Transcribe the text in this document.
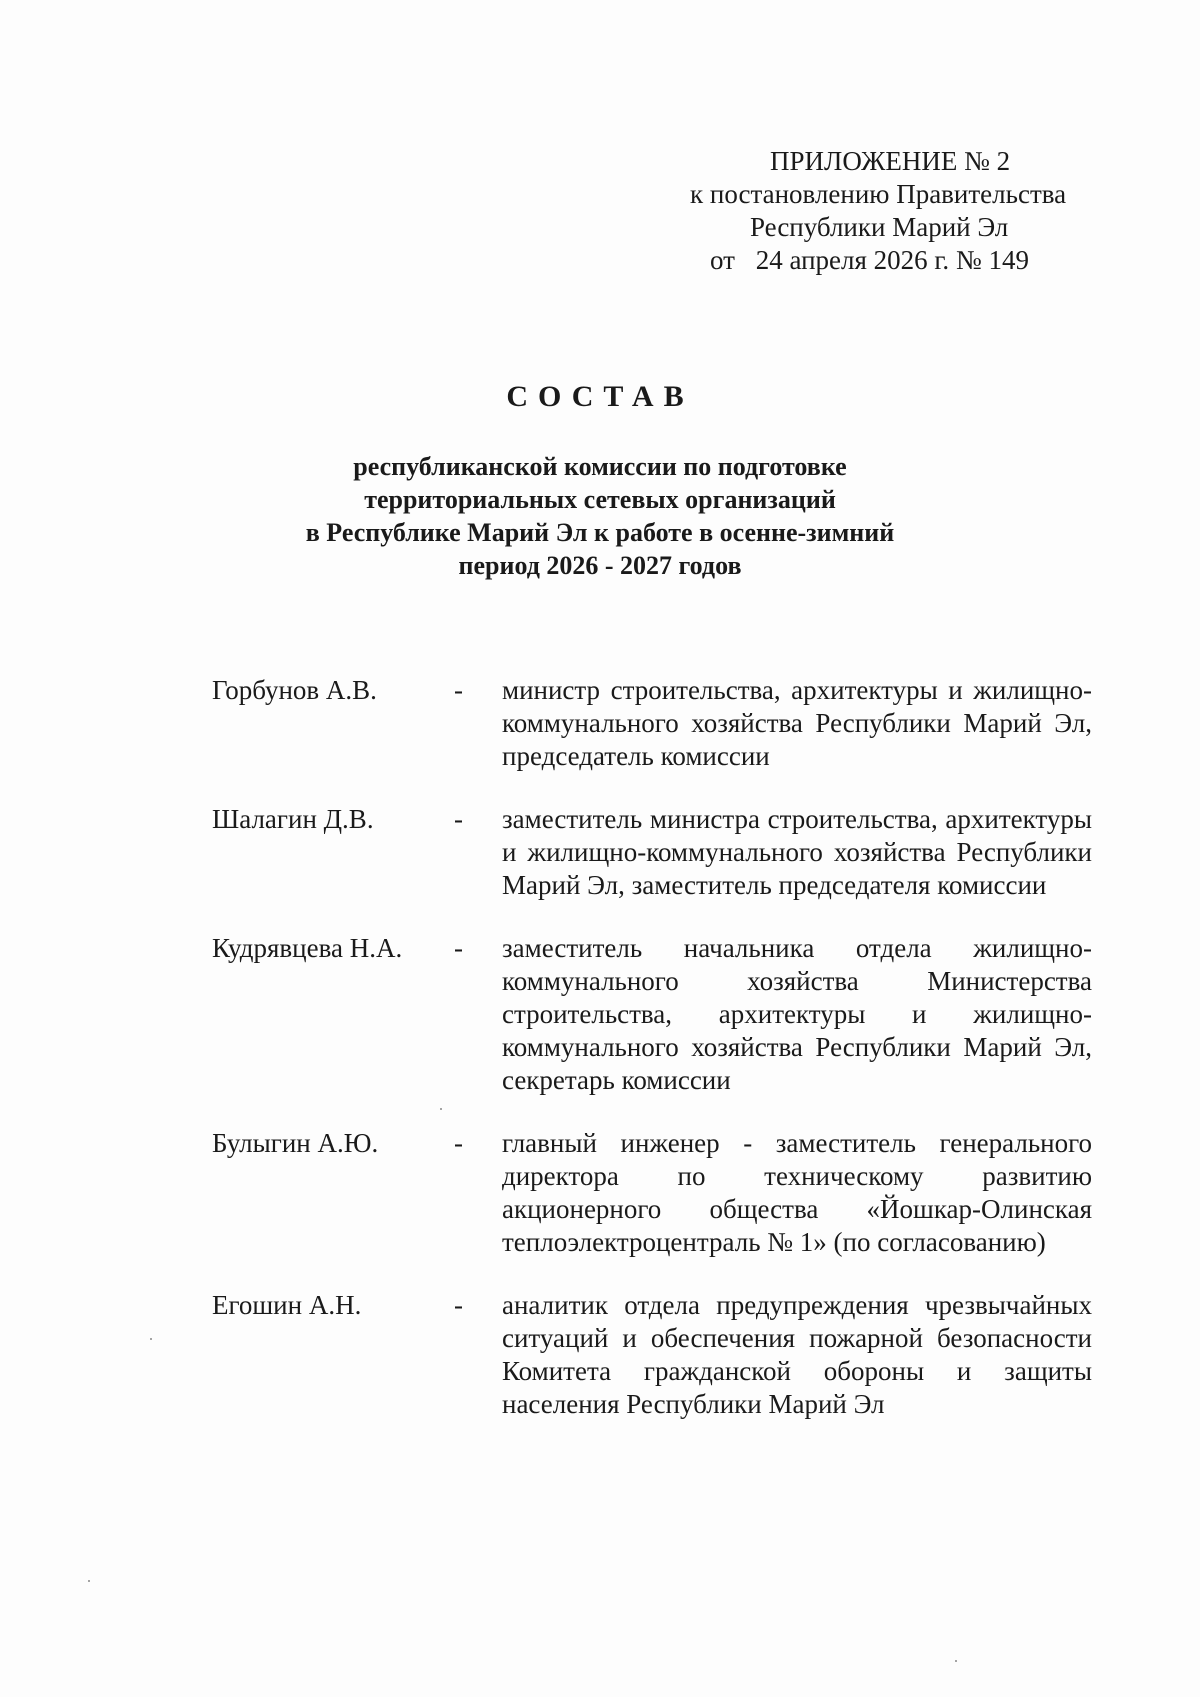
ПРИЛОЖЕНИЕ № 2
к постановлению Правительства
Республики Марий Эл
от 24 апреля 2026 г. № 149
СОСТАВ
республиканской комиссии по подготовке
территориальных сетевых организаций
в Республике Марий Эл к работе в осенне-зимний
период 2026 - 2027 годов
Горбунов А.В.	-	министр строительства, архитектуры и жилищно-коммунального хозяйства Республики Марий Эл, председатель комиссии
Шалагин Д.В.	-	заместитель министра строительства, архитектуры и жилищно-коммунального хозяйства Республики Марий Эл, заместитель председателя комиссии
Кудрявцева Н.А.	-	заместитель начальника отдела жилищно-коммунального хозяйства Министерства строительства, архитектуры и жилищно-коммунального хозяйства Республики Марий Эл, секретарь комиссии
Булыгин А.Ю.	-	главный инженер - заместитель генерального директора по техническому развитию акционерного общества «Йошкар-Олинская теплоэлектроцентраль № 1» (по согласованию)
Егошин А.Н.	-	аналитик отдела предупреждения чрезвычайных ситуаций и обеспечения пожарной безопасности Комитета гражданской обороны и защиты населения Республики Марий Эл
